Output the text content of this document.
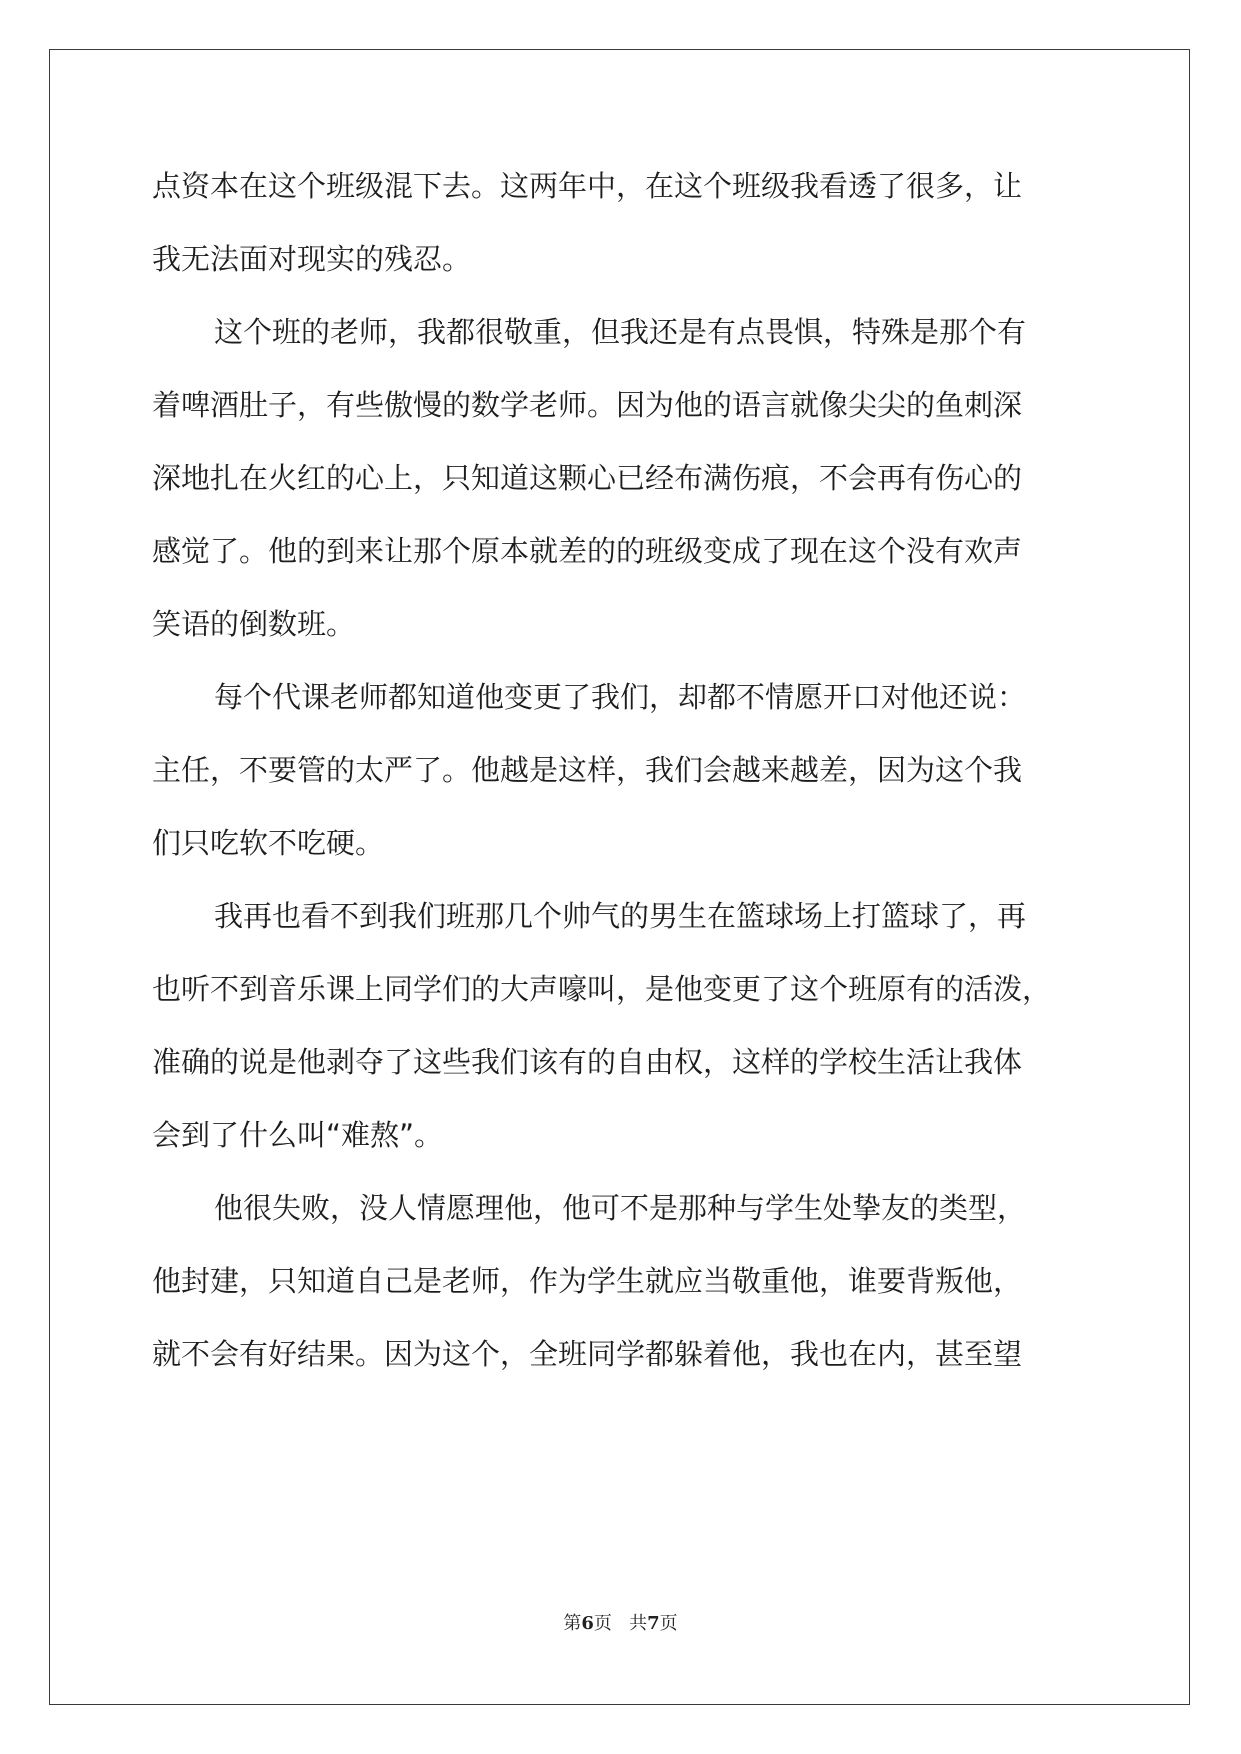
点资本在这个班级混下去。这两年中，在这个班级我看透了很多，让
我无法面对现实的残忍。
这个班的老师，我都很敬重，但我还是有点畏惧，特殊是那个有
着啤酒肚子，有些傲慢的数学老师。因为他的语言就像尖尖的鱼刺深
深地扎在火红的心上，只知道这颗心已经布满伤痕，不会再有伤心的
感觉了。他的到来让那个原本就差的的班级变成了现在这个没有欢声
笑语的倒数班。
每个代课老师都知道他变更了我们，却都不情愿开口对他还说：
主任，不要管的太严了。他越是这样，我们会越来越差，因为这个我
们只吃软不吃硬。
我再也看不到我们班那几个帅气的男生在篮球场上打篮球了，再
也听不到音乐课上同学们的大声嚎叫，是他变更了这个班原有的活泼，
准确的说是他剥夺了这些我们该有的自由权，这样的学校生活让我体
会到了什么叫“难熬”。
他很失败，没人情愿理他，他可不是那种与学生处挚友的类型，
他封建，只知道自己是老师，作为学生就应当敬重他，谁要背叛他，
就不会有好结果。因为这个，全班同学都躲着他，我也在内，甚至望
第6页 共7页
